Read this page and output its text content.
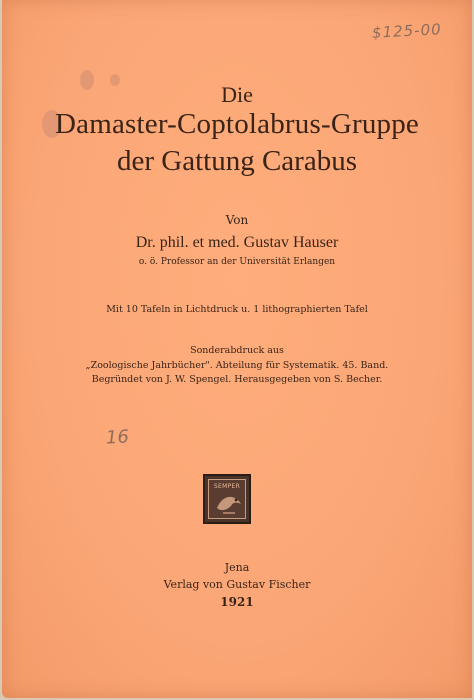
$125-00
Die
Damaster-Coptolabrus-Gruppe
der Gattung Carabus
Von
Dr. phil. et med. Gustav Hauser
o. ö. Professor an der Universität Erlangen
Mit 10 Tafeln in Lichtdruck u. 1 lithographierten Tafel
Sonderabdruck aus
„Zoologische Jahrbücher". Abteilung für Systematik. 45. Band.
Begründet von J. W. Spengel. Herausgegeben von S. Becher.
16
SEMPER
Jena
Verlag von Gustav Fischer
1921
